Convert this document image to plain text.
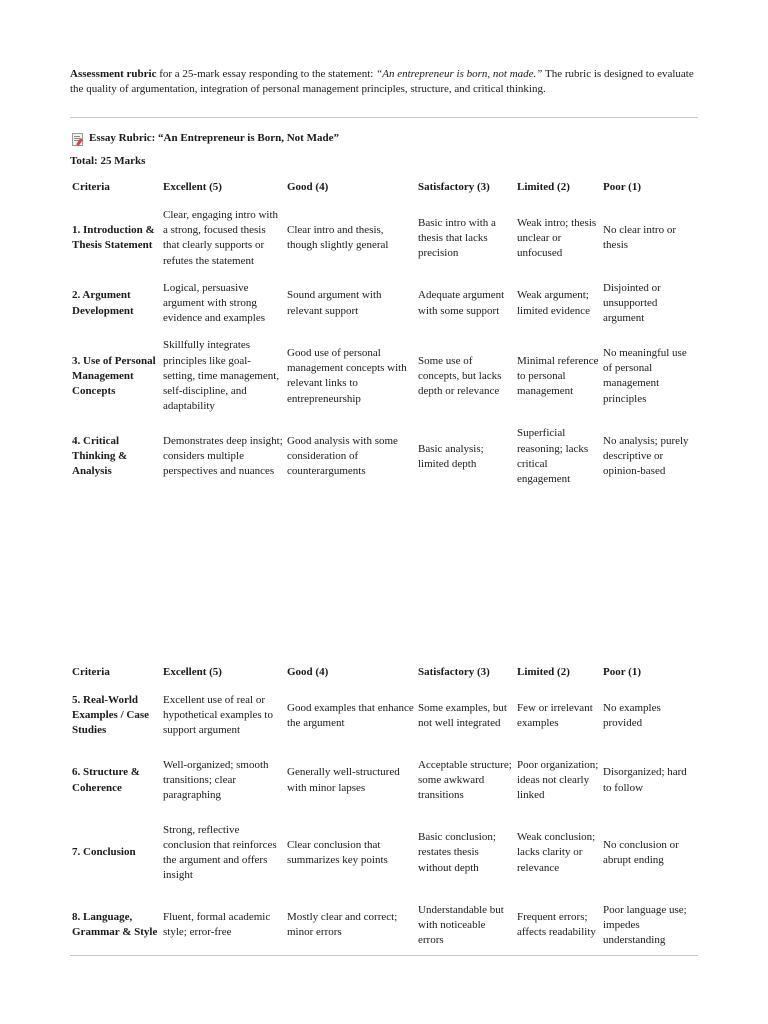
Assessment rubric for a 25-mark essay responding to the statement: “An entrepreneur is born, not made.” The rubric is designed to evaluate the quality of argumentation, integration of personal management principles, structure, and critical thinking.
Essay Rubric: “An Entrepreneur is Born, Not Made”
Total: 25 Marks
Criteria	Excellent (5)	Good (4)	Satisfactory (3)	Limited (2)	Poor (1)
1. Introduction & Thesis Statement	Clear, engaging intro with a strong, focused thesis that clearly supports or refutes the statement	Clear intro and thesis, though slightly general	Basic intro with a thesis that lacks precision	Weak intro; thesis unclear or unfocused	No clear intro or thesis
2. Argument Development	Logical, persuasive argument with strong evidence and examples	Sound argument with relevant support	Adequate argument with some support	Weak argument; limited evidence	Disjointed or unsupported argument
3. Use of Personal Management Concepts	Skillfully integrates principles like goal-setting, time management, self-discipline, and adaptability	Good use of personal management concepts with relevant links to entrepreneurship	Some use of concepts, but lacks depth or relevance	Minimal reference to personal management	No meaningful use of personal management principles
4. Critical Thinking & Analysis	Demonstrates deep insight; considers multiple perspectives and nuances	Good analysis with some consideration of counterarguments	Basic analysis; limited depth	Superficial reasoning; lacks critical engagement	No analysis; purely descriptive or opinion-based
Criteria	Excellent (5)	Good (4)	Satisfactory (3)	Limited (2)	Poor (1)
5. Real-World Examples / Case Studies	Excellent use of real or hypothetical examples to support argument	Good examples that enhance the argument	Some examples, but not well integrated	Few or irrelevant examples	No examples provided
6. Structure & Coherence	Well-organized; smooth transitions; clear paragraphing	Generally well-structured with minor lapses	Acceptable structure; some awkward transitions	Poor organization; ideas not clearly linked	Disorganized; hard to follow
7. Conclusion	Strong, reflective conclusion that reinforces the argument and offers insight	Clear conclusion that summarizes key points	Basic conclusion; restates thesis without depth	Weak conclusion; lacks clarity or relevance	No conclusion or abrupt ending
8. Language, Grammar & Style	Fluent, formal academic style; error-free	Mostly clear and correct; minor errors	Understandable but with noticeable errors	Frequent errors; affects readability	Poor language use; impedes understanding
